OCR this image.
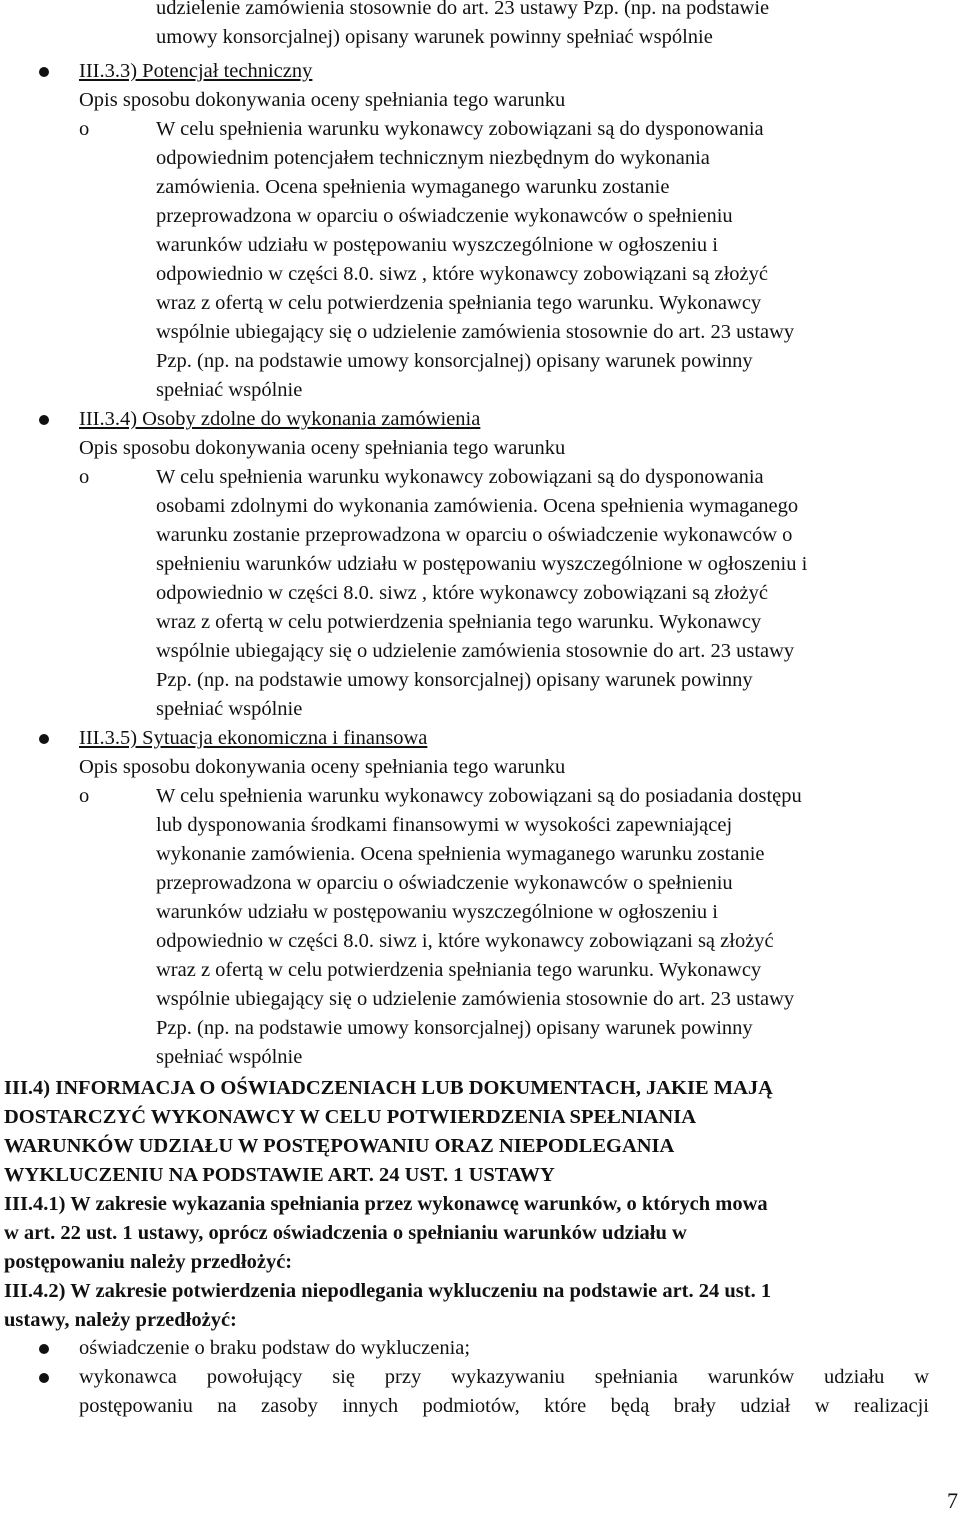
udzielenie zamówienia stosownie do art. 23 ustawy Pzp. (np. na podstawie
umowy konsorcjalnej) opisany warunek powinny spełniać wspólnie
III.3.3) Potencjał techniczny
Opis sposobu dokonywania oceny spełniania tego warunku
o	W celu spełnienia warunku wykonawcy zobowiązani są do dysponowania
odpowiednim potencjałem technicznym niezbędnym do wykonania
zamówienia. Ocena spełnienia wymaganego warunku zostanie
przeprowadzona w oparciu o oświadczenie wykonawców o spełnieniu
warunków udziału w postępowaniu wyszczególnione w ogłoszeniu i
odpowiednio w części 8.0. siwz , które wykonawcy zobowiązani są złożyć
wraz z ofertą w celu potwierdzenia spełniania tego warunku. Wykonawcy
wspólnie ubiegający się o udzielenie zamówienia stosownie do art. 23 ustawy
Pzp. (np. na podstawie umowy konsorcjalnej) opisany warunek powinny
spełniać wspólnie
III.3.4) Osoby zdolne do wykonania zamówienia
Opis sposobu dokonywania oceny spełniania tego warunku
o	W celu spełnienia warunku wykonawcy zobowiązani są do dysponowania
osobami zdolnymi do wykonania zamówienia. Ocena spełnienia wymaganego
warunku zostanie przeprowadzona w oparciu o oświadczenie wykonawców o
spełnieniu warunków udziału w postępowaniu wyszczególnione w ogłoszeniu i
odpowiednio w części 8.0. siwz , które wykonawcy zobowiązani są złożyć
wraz z ofertą w celu potwierdzenia spełniania tego warunku. Wykonawcy
wspólnie ubiegający się o udzielenie zamówienia stosownie do art. 23 ustawy
Pzp. (np. na podstawie umowy konsorcjalnej) opisany warunek powinny
spełniać wspólnie
III.3.5) Sytuacja ekonomiczna i finansowa
Opis sposobu dokonywania oceny spełniania tego warunku
o	W celu spełnienia warunku wykonawcy zobowiązani są do posiadania dostępu
lub dysponowania środkami finansowymi w wysokości zapewniającej
wykonanie zamówienia. Ocena spełnienia wymaganego warunku zostanie
przeprowadzona w oparciu o oświadczenie wykonawców o spełnieniu
warunków udziału w postępowaniu wyszczególnione w ogłoszeniu i
odpowiednio w części 8.0. siwz i, które wykonawcy zobowiązani są złożyć
wraz z ofertą w celu potwierdzenia spełniania tego warunku. Wykonawcy
wspólnie ubiegający się o udzielenie zamówienia stosownie do art. 23 ustawy
Pzp. (np. na podstawie umowy konsorcjalnej) opisany warunek powinny
spełniać wspólnie
III.4) INFORMACJA O OŚWIADCZENIACH LUB DOKUMENTACH, JAKIE MAJĄ
DOSTARCZYĆ WYKONAWCY W CELU POTWIERDZENIA SPEŁNIANIA
WARUNKÓW UDZIAŁU W POSTĘPOWANIU ORAZ NIEPODLEGANIA
WYKLUCZENIU NA PODSTAWIE ART. 24 UST. 1 USTAWY
III.4.1) W zakresie wykazania spełniania przez wykonawcę warunków, o których mowa
w art. 22 ust. 1 ustawy, oprócz oświadczenia o spełnianiu warunków udziału w
postępowaniu należy przedłożyć:
III.4.2) W zakresie potwierdzenia niepodlegania wykluczeniu na podstawie art. 24 ust. 1
ustawy, należy przedłożyć:
oświadczenie o braku podstaw do wykluczenia;
wykonawca powołujący się przy wykazywaniu spełniania warunków udziału w
postępowaniu na zasoby innych podmiotów, które będą brały udział w realizacji
7
